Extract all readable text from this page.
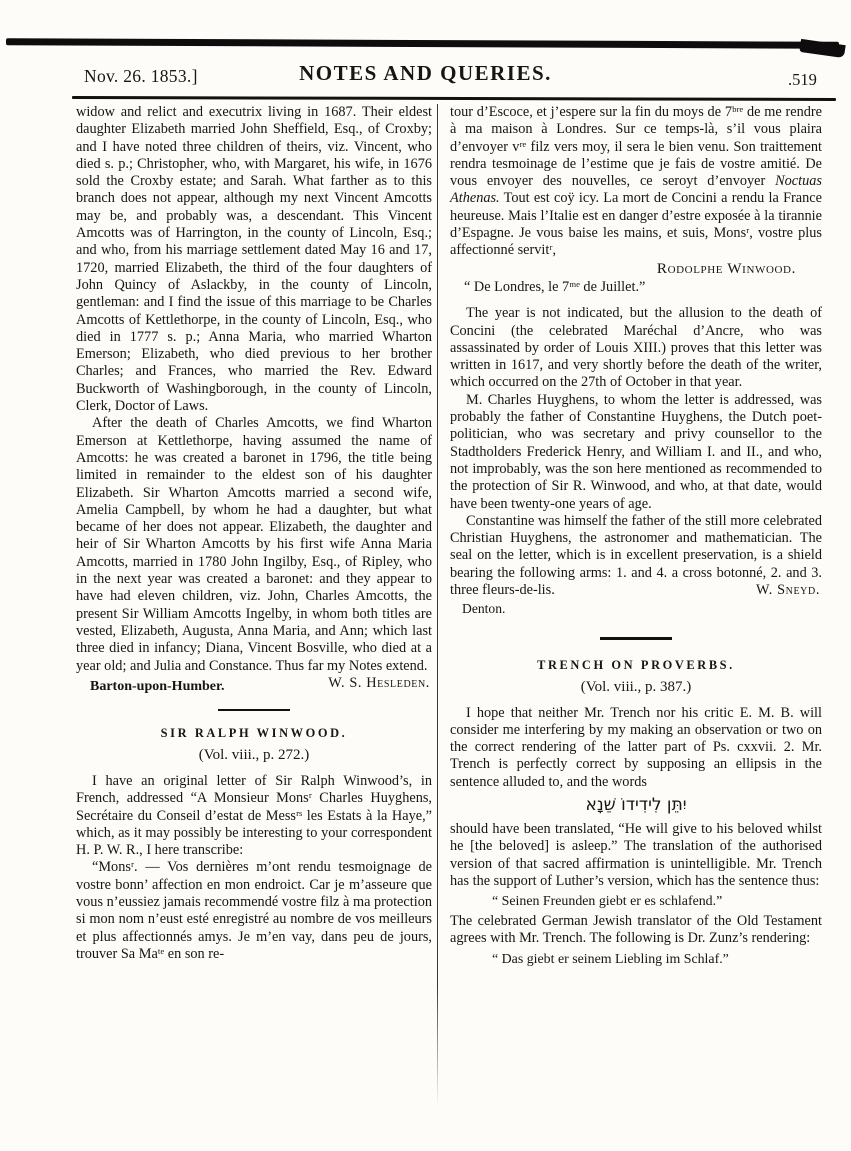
Nov. 26. 1853.]	NOTES AND QUERIES.	.519

widow and relict and executrix living in 1687. Their eldest daughter Elizabeth married John Sheffield, Esq., of Croxby; and I have noted three children of theirs, viz. Vincent, who died s. p.; Christopher, who, with Margaret, his wife, in 1676 sold the Croxby estate; and Sarah. What farther as to this branch does not appear, although my next Vincent Amcotts may be, and probably was, a descendant. This Vincent Amcotts was of Harrington, in the county of Lincoln, Esq.; and who, from his marriage settlement dated May 16 and 17, 1720, married Elizabeth, the third of the four daughters of John Quincy of Aslackby, in the county of Lincoln, gentleman: and I find the issue of this marriage to be Charles Amcotts of Kettlethorpe, in the county of Lincoln, Esq., who died in 1777 s. p.; Anna Maria, who married Wharton Emerson; Elizabeth, who died previous to her brother Charles; and Frances, who married the Rev. Edward Buckworth of Washingborough, in the county of Lincoln, Clerk, Doctor of Laws.

After the death of Charles Amcotts, we find Wharton Emerson at Kettlethorpe, having assumed the name of Amcotts: he was created a baronet in 1796, the title being limited in remainder to the eldest son of his daughter Elizabeth. Sir Wharton Amcotts married a second wife, Amelia Campbell, by whom he had a daughter, but what became of her does not appear. Elizabeth, the daughter and heir of Sir Wharton Amcotts by his first wife Anna Maria Amcotts, married in 1780 John Ingilby, Esq., of Ripley, who in the next year was created a baronet: and they appear to have had eleven children, viz. John, Charles Amcotts, the present Sir William Amcotts Ingelby, in whom both titles are vested, Elizabeth, Augusta, Anna Maria, and Ann; which last three died in infancy; Diana, Vincent Bosville, who died at a year old; and Julia and Constance. Thus far my Notes extend.
W. S. Hesleden.

Barton-upon-Humber.

SIR RALPH WINWOOD.

(Vol. viii., p. 272.)

I have an original letter of Sir Ralph Winwood’s, in French, addressed “A Monsieur Monsʳ Charles Huyghens, Secrétaire du Conseil d’estat de Messʳˢ les Estats à la Haye,” which, as it may possibly be interesting to your correspondent H. P. W. R., I here transcribe:

“Monsʳ. — Vos dernières m’ont rendu tesmoignage de vostre bonn’ affection en mon endroict. Car je m’asseure que vous n’eussiez jamais recommendé vostre filz à ma protection si mon nom n’eust esté enregistré au nombre de vos meilleurs et plus affectionnés amys. Je m’en vay, dans peu de jours, trouver Sa Maᵗᵉ en son re-

tour d’Escoce, et j’espere sur la fin du moys de 7ᵇʳᵉ de me rendre à ma maison à Londres. Sur ce temps-là, s’il vous plaira d’envoyer vʳᵉ filz vers moy, il sera le bien venu. Son traittement rendra tesmoinage de l’estime que je fais de vostre amitié. De vous envoyer des nouvelles, ce seroyt d’envoyer Noctuas Athenas. Tout est coÿ icy. La mort de Concini a rendu la France heureuse. Mais l’Italie est en danger d’estre exposée à la tirannie d’Espagne. Je vous baise les mains, et suis, Monsʳ, vostre plus affectionné servitʳ,

Rodolphe Winwood.

“ De Londres, le 7ᵐᵉ de Juillet.”

The year is not indicated, but the allusion to the death of Concini (the celebrated Maréchal d’Ancre, who was assassinated by order of Louis XIII.) proves that this letter was written in 1617, and very shortly before the death of the writer, which occurred on the 27th of October in that year.

M. Charles Huyghens, to whom the letter is addressed, was probably the father of Constantine Huyghens, the Dutch poet-politician, who was secretary and privy counsellor to the Stadtholders Frederick Henry, and William I. and II., and who, not improbably, was the son here mentioned as recommended to the protection of Sir R. Winwood, and who, at that date, would have been twenty-one years of age.

Constantine was himself the father of the still more celebrated Christian Huyghens, the astronomer and mathematician. The seal on the letter, which is in excellent preservation, is a shield bearing the following arms: 1. and 4. a cross botonné, 2. and 3. three fleurs-de-lis.	W. Sneyd.

Denton.

TRENCH ON PROVERBS.

(Vol. viii., p. 387.)

I hope that neither Mr. Trench nor his critic E. M. B. will consider me interfering by my making an observation or two on the correct rendering of the latter part of Ps. cxxvii. 2. Mr. Trench is perfectly correct by supposing an ellipsis in the sentence alluded to, and the words

יִתֵּן לִידִידוֹ שֵׁנָא

should have been translated, “He will give to his beloved whilst he [the beloved] is asleep.” The translation of the authorised version of that sacred affirmation is unintelligible. Mr. Trench has the support of Luther’s version, which has the sentence thus:

“ Seinen Freunden giebt er es schlafend.”

The celebrated German Jewish translator of the Old Testament agrees with Mr. Trench. The following is Dr. Zunz’s rendering:

“ Das giebt er seinem Liebling im Schlaf.”
